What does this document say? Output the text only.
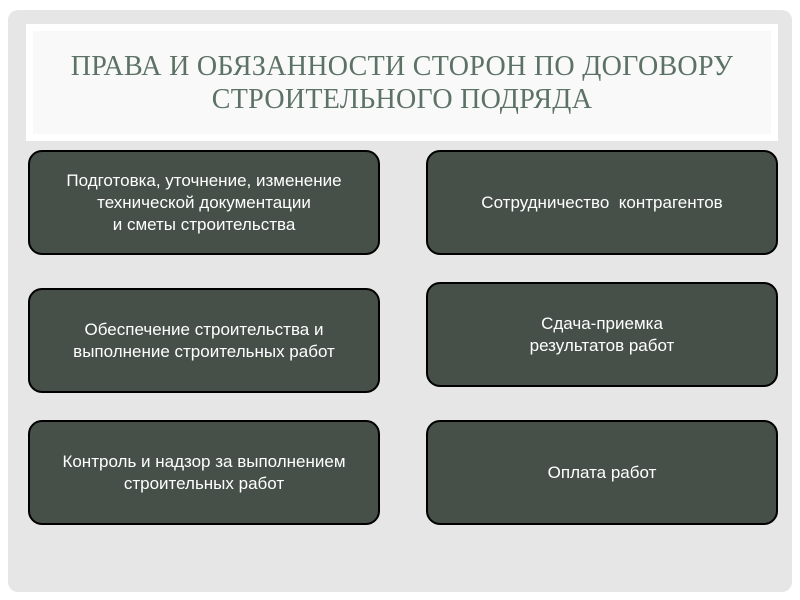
ПРАВА И ОБЯЗАННОСТИ СТОРОН ПО ДОГОВОРУ
СТРОИТЕЛЬНОГО ПОДРЯДА
Подготовка, уточнение, изменение
технической документации
и сметы строительства
Сотрудничество  контрагентов
Обеспечение строительства и
выполнение строительных работ
Сдача-приемка
результатов работ
Контроль и надзор за выполнением
строительных работ
Оплата работ
